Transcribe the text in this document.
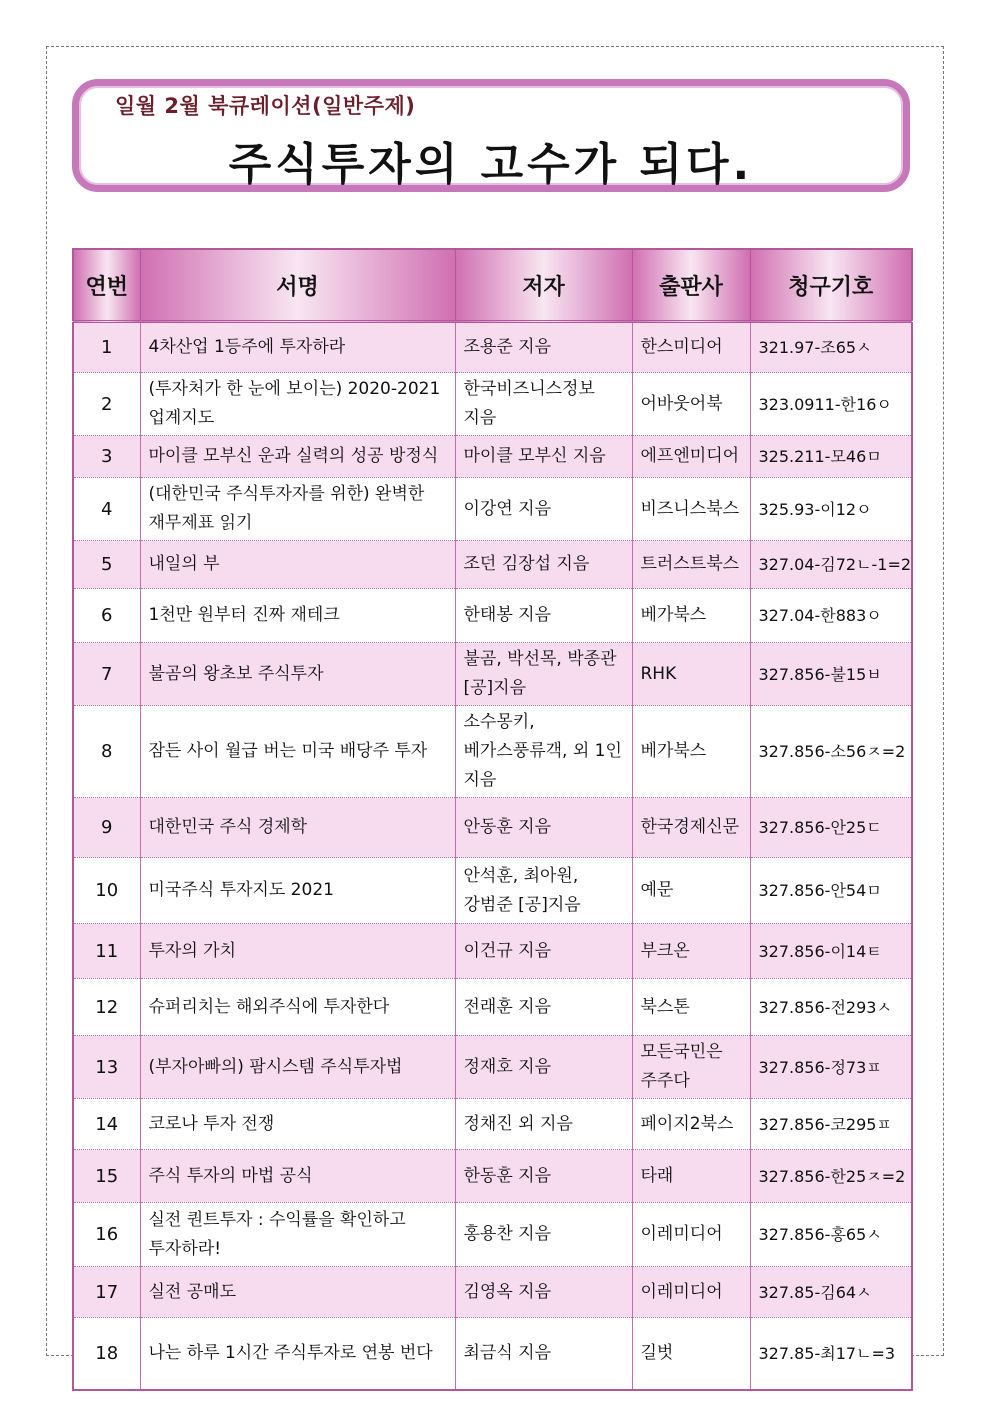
일월 2월 북큐레이션(일반주제)
주식투자의 고수가 되다.
연번	서명	저자	출판사	청구기호
1	4차산업 1등주에 투자하라	조용준 지음	한스미디어	321.97-조65ㅅ
2	(투자처가 한 눈에 보이는) 2020-2021 업계지도	한국비즈니스정보 지음	어바웃어북	323.0911-한16ㅇ
3	마이클 모부신 운과 실력의 성공 방정식	마이클 모부신 지음	에프엔미디어	325.211-모46ㅁ
4	(대한민국 주식투자자를 위한) 완벽한 재무제표 읽기	이강연 지음	비즈니스북스	325.93-이12ㅇ
5	내일의 부	조던 김장섭 지음	트러스트북스	327.04-김72ㄴ-1=2
6	1천만 원부터 진짜 재테크	한태봉 지음	베가북스	327.04-한883ㅇ
7	불곰의 왕초보 주식투자	불곰, 박선목, 박종관 [공]지음	RHK	327.856-불15ㅂ
8	잠든 사이 월급 버는 미국 배당주 투자	소수몽키, 베가스풍류객, 외 1인 지음	베가북스	327.856-소56ㅈ=2
9	대한민국 주식 경제학	안동훈 지음	한국경제신문	327.856-안25ㄷ
10	미국주식 투자지도 2021	안석훈, 최아원, 강범준 [공]지음	예문	327.856-안54ㅁ
11	투자의 가치	이건규 지음	부크온	327.856-이14ㅌ
12	슈퍼리치는 해외주식에 투자한다	전래훈 지음	북스톤	327.856-전293ㅅ
13	(부자아빠의) 팜시스템 주식투자법	정재호 지음	모든국민은 주주다	327.856-정73ㅍ
14	코로나 투자 전쟁	정채진 외 지음	페이지2북스	327.856-코295ㅍ
15	주식 투자의 마법 공식	한동훈 지음	타래	327.856-한25ㅈ=2
16	실전 퀀트투자 : 수익률을 확인하고 투자하라!	홍용찬 지음	이레미디어	327.856-홍65ㅅ
17	실전 공매도	김영옥 지음	이레미디어	327.85-김64ㅅ
18	나는 하루 1시간 주식투자로 연봉 번다	최금식 지음	길벗	327.85-최17ㄴ=3
